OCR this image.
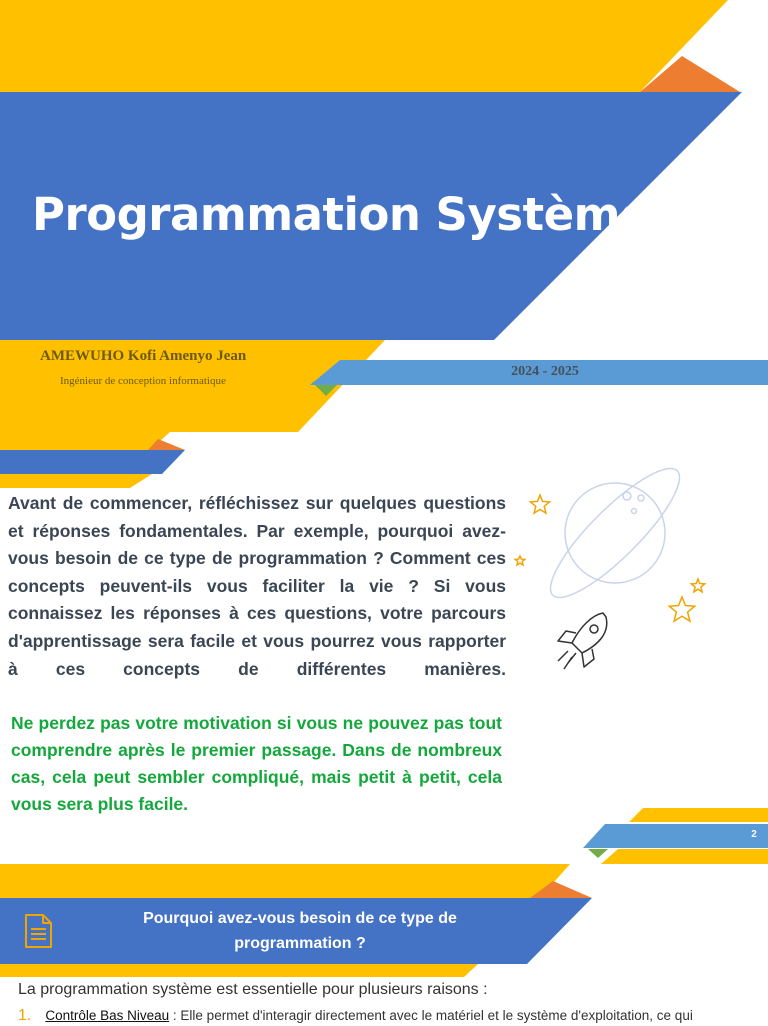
Programmation Système
AMEWUHO Kofi Amenyo Jean
Ingénieur de conception informatique
2024 - 2025

Avant de commencer, réfléchissez sur quelques questions et réponses fondamentales. Par exemple, pourquoi avez-vous besoin de ce type de programmation ? Comment ces concepts peuvent-ils vous faciliter la vie ? Si vous connaissez les réponses à ces questions, votre parcours d'apprentissage sera facile et vous pourrez vous rapporter à ces concepts de différentes manières.

Ne perdez pas votre motivation si vous ne pouvez pas tout comprendre après le premier passage. Dans de nombreux cas, cela peut sembler compliqué, mais petit à petit, cela vous sera plus facile.

2
Pourquoi avez-vous besoin de ce type de programmation ?
La programmation système est essentielle pour plusieurs raisons :
1. Contrôle Bas Niveau : Elle permet d'interagir directement avec le matériel et le système d'exploitation, ce qui
